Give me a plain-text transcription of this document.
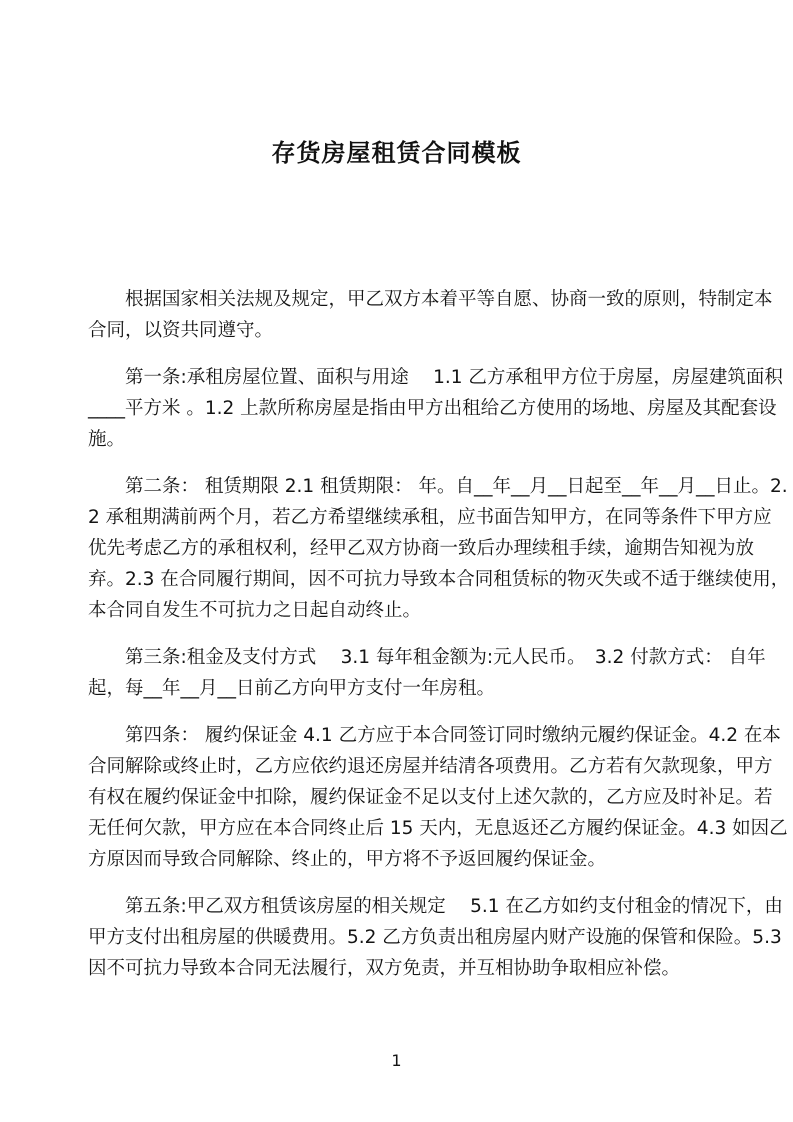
存货房屋租赁合同模板

根据国家相关法规及规定，甲乙双方本着平等自愿、协商一致的原则，特制定本合同，以资共同遵守。

第一条:承租房屋位置、面积与用途　 1.1 乙方承租甲方位于房屋，房屋建筑面积____平方米 。1.2 上款所称房屋是指由甲方出租给乙方使用的场地、房屋及其配套设施。

第二条： 租赁期限 2.1 租赁期限： 年。自__年__月__日起至__年__月__日止。2.2 承租期满前两个月，若乙方希望继续承租，应书面告知甲方，在同等条件下甲方应优先考虑乙方的承租权利，经甲乙双方协商一致后办理续租手续，逾期告知视为放弃。2.3 在合同履行期间，因不可抗力导致本合同租赁标的物灭失或不适于继续使用，本合同自发生不可抗力之日起自动终止。

第三条:租金及支付方式　 3.1 每年租金额为:元人民币。　3.2 付款方式： 自年起，每__年__月__日前乙方向甲方支付一年房租。

第四条： 履约保证金 4.1 乙方应于本合同签订同时缴纳元履约保证金。4.2 在本合同解除或终止时，乙方应依约退还房屋并结清各项费用。乙方若有欠款现象，甲方有权在履约保证金中扣除，履约保证金不足以支付上述欠款的，乙方应及时补足。若无任何欠款，甲方应在本合同终止后 15 天内，无息返还乙方履约保证金。4.3 如因乙方原因而导致合同解除、终止的，甲方将不予返回履约保证金。

第五条:甲乙双方租赁该房屋的相关规定　 5.1 在乙方如约支付租金的情况下，由甲方支付出租房屋的供暖费用。5.2 乙方负责出租房屋内财产设施的保管和保险。5.3 因不可抗力导致本合同无法履行，双方免责，并互相协助争取相应补偿。

1
